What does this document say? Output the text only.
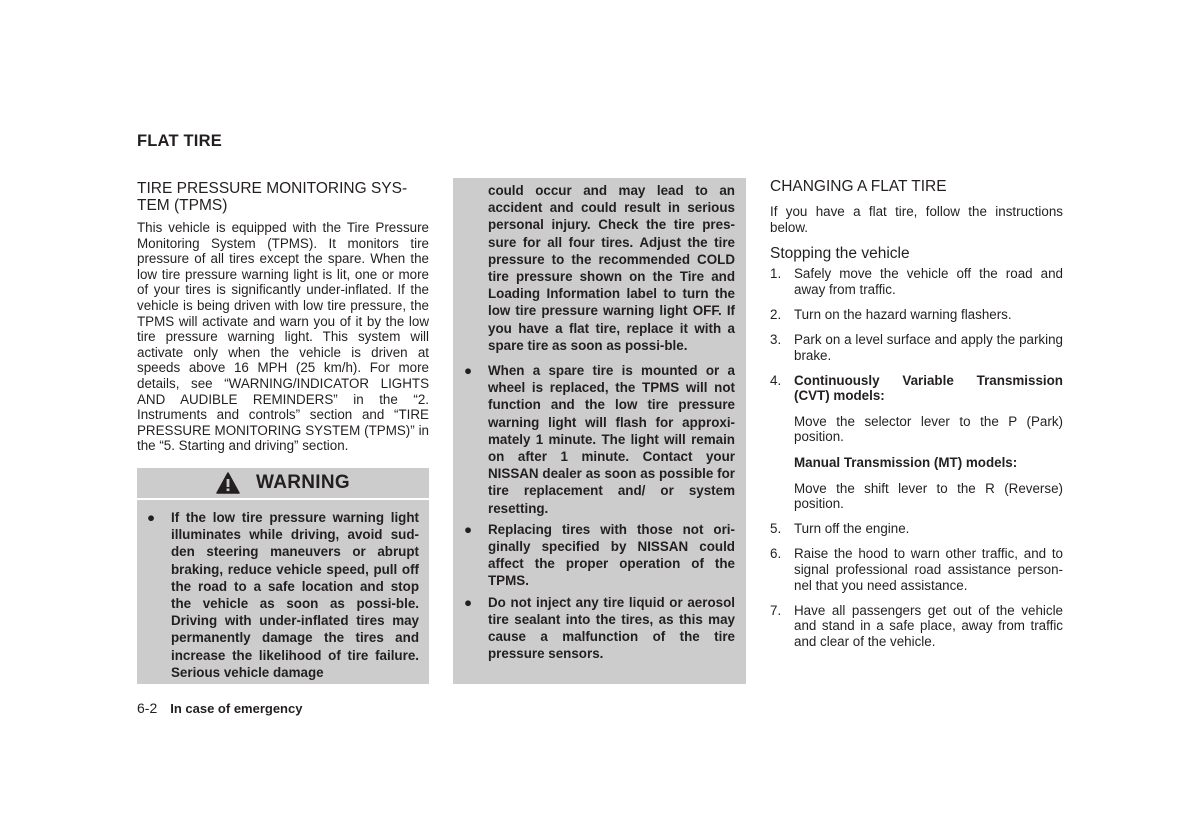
FLAT TIRE
TIRE PRESSURE MONITORING SYS-
TEM (TPMS)

This vehicle is equipped with the Tire Pressure Monitoring System (TPMS). It monitors tire pressure of all tires except the spare. When the low tire pressure warning light is lit, one or more of your tires is significantly under-inflated. If the vehicle is being driven with low tire pressure, the TPMS will activate and warn you of it by the low tire pressure warning light. This system will activate only when the vehicle is driven at speeds above 16 MPH (25 km/h). For more details, see “WARNING/INDICATOR LIGHTS AND AUDIBLE REMINDERS” in the “2. Instruments and controls” section and “TIRE PRESSURE MONITORING SYSTEM (TPMS)” in the “5. Starting and driving” section.

WARNING
● If the low tire pressure warning light illuminates while driving, avoid sud-den steering maneuvers or abrupt braking, reduce vehicle speed, pull off the road to a safe location and stop the vehicle as soon as possi-ble. Driving with under-inflated tires may permanently damage the tires and increase the likelihood of tire failure. Serious vehicle damage

could occur and may lead to an accident and could result in serious personal injury. Check the tire pres-sure for all four tires. Adjust the tire pressure to the recommended COLD tire pressure shown on the Tire and Loading Information label to turn the low tire pressure warning light OFF. If you have a flat tire, replace it with a spare tire as soon as possi-ble.

● When a spare tire is mounted or a wheel is replaced, the TPMS will not function and the low tire pressure warning light will flash for approxi-mately 1 minute. The light will remain on after 1 minute. Contact your NISSAN dealer as soon as possible for tire replacement and/ or system resetting.
● Replacing tires with those not ori-ginally specified by NISSAN could affect the proper operation of the TPMS.
● Do not inject any tire liquid or aerosol tire sealant into the tires, as this may cause a malfunction of the tire pressure sensors.
CHANGING A FLAT TIRE

If you have a flat tire, follow the instructions below.

Stopping the vehicle
1. Safely move the vehicle off the road and away from traffic.
2. Turn on the hazard warning flashers.
3. Park on a level surface and apply the parking brake.
4. Continuously Variable Transmission (CVT) models:
Move the selector lever to the P (Park) position.
Manual Transmission (MT) models:
Move the shift lever to the R (Reverse) position.
5. Turn off the engine.
6. Raise the hood to warn other traffic, and to signal professional road assistance person-nel that you need assistance.
7. Have all passengers get out of the vehicle and stand in a safe place, away from traffic and clear of the vehicle.
6-2 In case of emergency
